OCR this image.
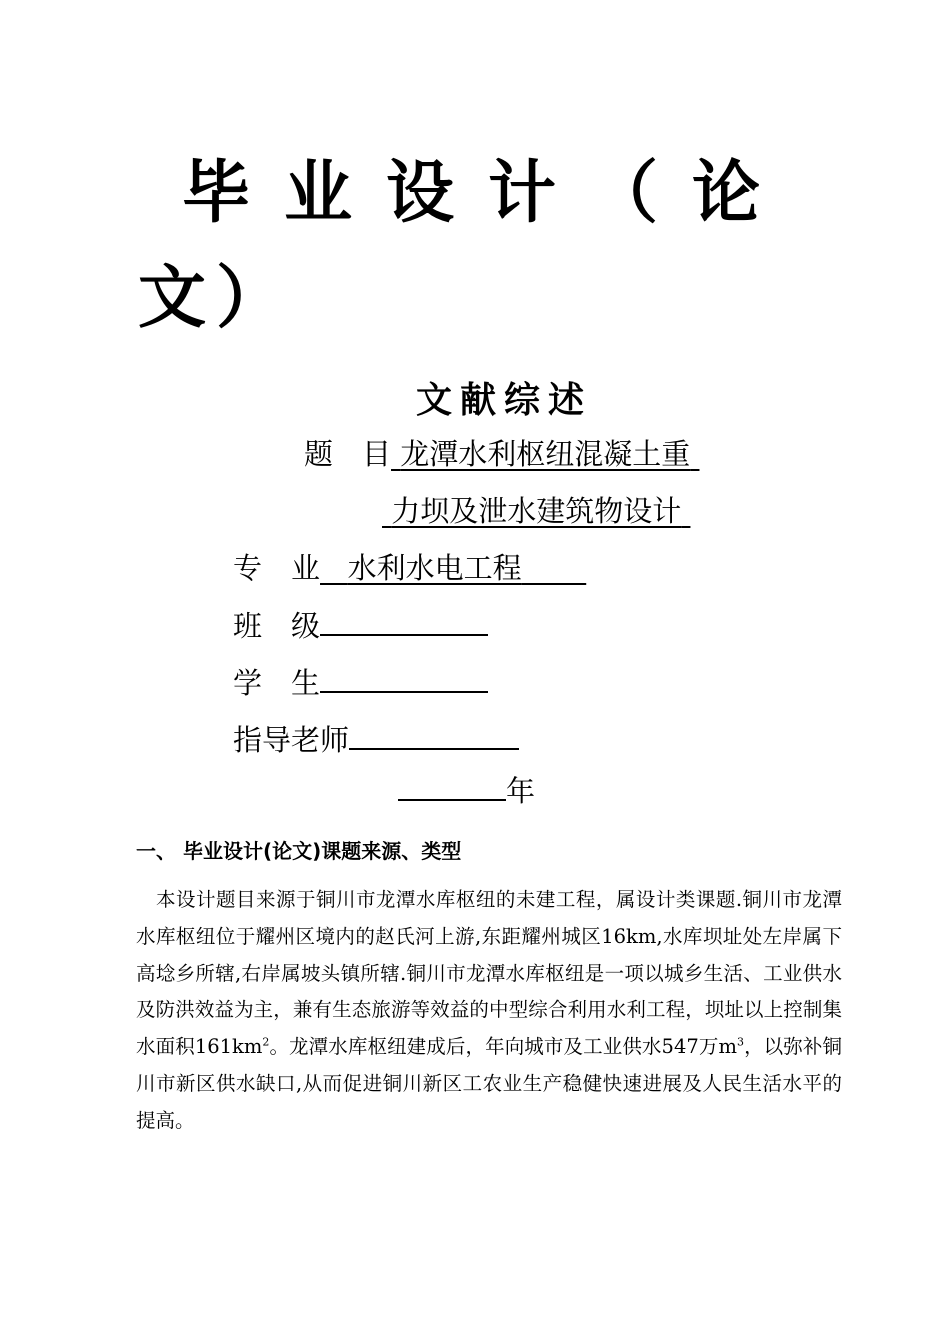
毕业设计（论
文）
文献综述
题　目 龙潭水利枢纽混凝土重
力坝及泄水建筑物设计
专　业 水利水电工程
班　级
学　生
指导老师
年
一、 毕业设计(论文)课题来源、类型
本设计题目来源于铜川市龙潭水库枢纽的未建工程，属设计类课题.铜川市龙潭水库枢纽位于耀州区境内的赵氏河上游,东距耀州城区16km,水库坝址处左岸属下高埝乡所辖,右岸属坡头镇所辖.铜川市龙潭水库枢纽是一项以城乡生活、工业供水及防洪效益为主，兼有生态旅游等效益的中型综合利用水利工程，坝址以上控制集水面积$161km^2$。龙潭水库枢纽建成后，年向城市及工业供水547万$m^3$，以弥补铜川市新区供水缺口,从而促进铜川新区工农业生产稳健快速进展及人民生活水平的提高。
